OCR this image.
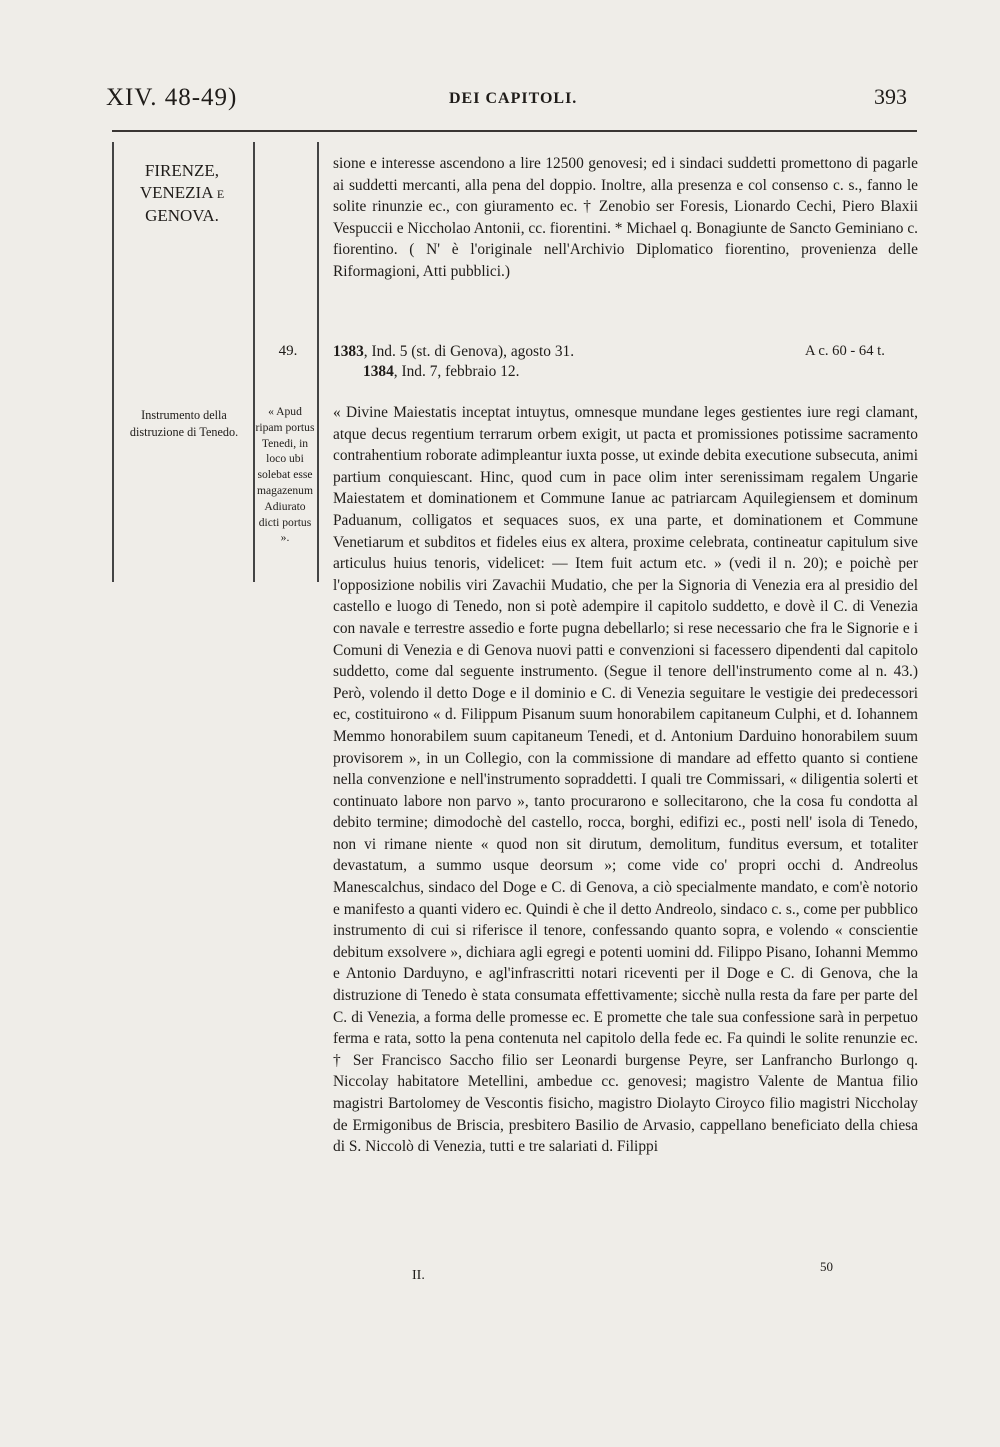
XIV. 48-49)	DEI CAPITOLI.	393
FIRENZE,
VENEZIA E
GENOVA.
Instrumento della distruzione di Tenedo.
49.
« Apud ripam portus Tenedi, in loco ubi solebat esse magazenum Adiurato dicti portus ».
sione e interesse ascendono a lire 12500 genovesi; ed i sindaci suddetti promettono di pagarle ai suddetti mercanti, alla pena del doppio. Inoltre, alla presenza e col consenso c. s., fanno le solite rinunzie ec., con giuramento ec. † Zenobio ser Foresis, Lionardo Cechi, Piero Blaxii Vespuccii e Niccholao Antonii, cc. fiorentini. * Michael q. Bonagiunte de Sancto Geminiano c. fiorentino. ( N' è l'originale nell'Archivio Diplomatico fiorentino, provenienza delle Riformagioni, Atti pubblici.)
1383, Ind. 5 (st. di Genova), agosto 31.
1384, Ind. 7, febbraio 12.
A c. 60 - 64 t.
« Divine Maiestatis inceptat intuytus, omnesque mundane leges gestientes iure regi clamant, atque decus regentium terrarum orbem exigit, ut pacta et promissiones potissime sacramento contrahentium roborate adimpleantur iuxta posse, ut exinde debita executione subsecuta, animi partium conquiescant. Hinc, quod cum in pace olim inter serenissimam regalem Ungarie Maiestatem et dominationem et Commune Ianue ac patriarcam Aquilegiensem et dominum Paduanum, colligatos et sequaces suos, ex una parte, et dominationem et Commune Venetiarum et subditos et fideles eius ex altera, proxime celebrata, contineatur capitulum sive articulus huius tenoris, videlicet: — Item fuit actum etc. » (vedi il n. 20); e poichè per l'opposizione nobilis viri Zavachii Mudatio, che per la Signoria di Venezia era al presidio del castello e luogo di Tenedo, non si potè adempire il capitolo suddetto, e dovè il C. di Venezia con navale e terrestre assedio e forte pugna debellarlo; si rese necessario che fra le Signorie e i Comuni di Venezia e di Genova nuovi patti e convenzioni si facessero dipendenti dal capitolo suddetto, come dal seguente instrumento. (Segue il tenore dell'instrumento come al n. 43.) Però, volendo il detto Doge e il dominio e C. di Venezia seguitare le vestigie dei predecessori ec, costituirono « d. Filippum Pisanum suum honorabilem capitaneum Culphi, et d. Iohannem Memmo honorabilem suum capitaneum Tenedi, et d. Antonium Darduino honorabilem suum provisorem », in un Collegio, con la commissione di mandare ad effetto quanto si contiene nella convenzione e nell'instrumento sopraddetti. I quali tre Commissari, « diligentia solerti et continuato labore non parvo », tanto procurarono e sollecitarono, che la cosa fu condotta al debito termine; dimodochè del castello, rocca, borghi, edifizi ec., posti nell' isola di Tenedo, non vi rimane niente « quod non sit dirutum, demolitum, funditus eversum, et totaliter devastatum, a summo usque deorsum »; come vide co' propri occhi d. Andreolus Manescalchus, sindaco del Doge e C. di Genova, a ciò specialmente mandato, e com'è notorio e manifesto a quanti videro ec. Quindi è che il detto Andreolo, sindaco c. s., come per pubblico instrumento di cui si riferisce il tenore, confessando quanto sopra, e volendo « conscientie debitum exsolvere », dichiara agli egregi e potenti uomini dd. Filippo Pisano, Iohanni Memmo e Antonio Darduyno, e agl'infrascritti notari riceventi per il Doge e C. di Genova, che la distruzione di Tenedo è stata consumata effettivamente; sicchè nulla resta da fare per parte del C. di Venezia, a forma delle promesse ec. E promette che tale sua confessione sarà in perpetuo ferma e rata, sotto la pena contenuta nel capitolo della fede ec. Fa quindi le solite renunzie ec. † Ser Francisco Saccho filio ser Leonardi burgense Peyre, ser Lanfrancho Burlongo q. Niccolay habitatore Metellini, ambedue cc. genovesi; magistro Valente de Mantua filio magistri Bartolomey de Vescontis fisicho, magistro Diolayto Ciroyco filio magistri Niccholay de Ermigonibus de Briscia, presbitero Basilio de Arvasio, cappellano beneficiato della chiesa di S. Niccolò di Venezia, tutti e tre salariati d. Filippi
II.
50
